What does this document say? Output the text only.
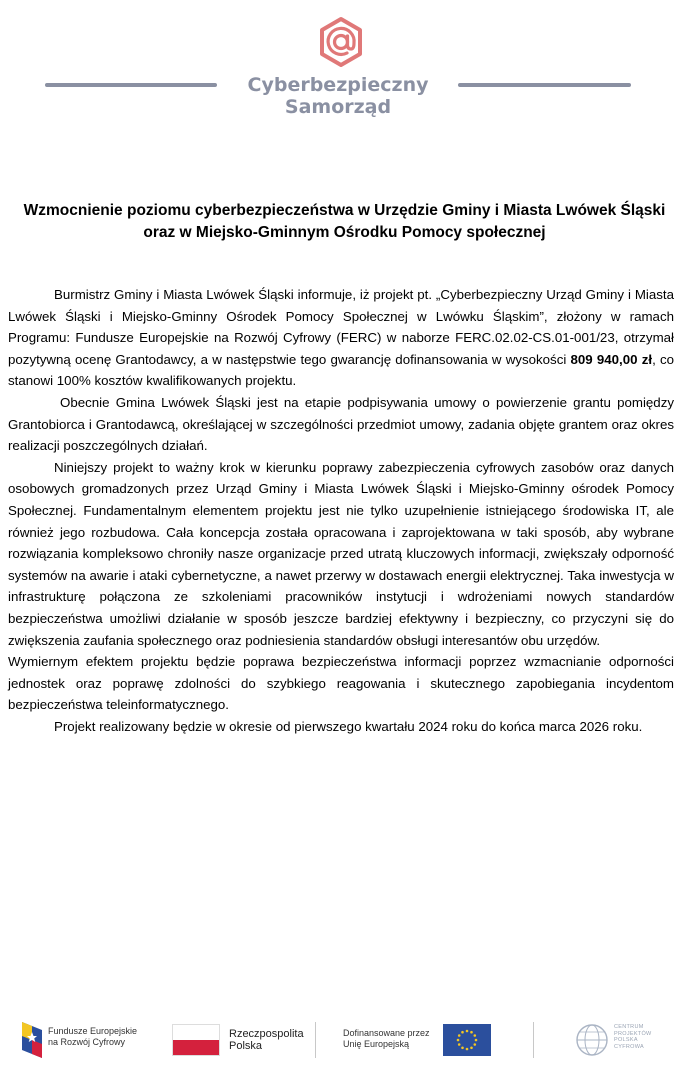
Cyberbezpieczny
Samorząd
Wzmocnienie poziomu cyberbezpieczeństwa w Urzędzie Gminy i Miasta Lwówek Śląski
oraz w Miejsko-Gminnym Ośrodku Pomocy społecznej

Burmistrz Gminy i Miasta Lwówek Śląski informuje, iż projekt pt. „Cyberbezpieczny Urząd Gminy i Miasta Lwówek Śląski i Miejsko-Gminny Ośrodek Pomocy Społecznej w Lwówku Śląskim”, złożony w ramach Programu: Fundusze Europejskie na Rozwój Cyfrowy (FERC) w naborze FERC.02.02-CS.01-001/23, otrzymał pozytywną ocenę Grantodawcy, a w następstwie tego gwarancję dofinansowania w wysokości 809 940,00 zł, co stanowi 100% kosztów kwalifikowanych projektu.

Obecnie Gmina Lwówek Śląski jest na etapie podpisywania umowy o powierzenie grantu pomiędzy Grantobiorca i Grantodawcą, określającej w szczególności przedmiot umowy, zadania objęte grantem oraz okres realizacji poszczególnych działań.

Niniejszy projekt to ważny krok w kierunku poprawy zabezpieczenia cyfrowych zasobów oraz danych osobowych gromadzonych przez Urząd Gminy i Miasta Lwówek Śląski i Miejsko-Gminny ośrodek Pomocy Społecznej. Fundamentalnym elementem projektu jest nie tylko uzupełnienie istniejącego środowiska IT, ale również jego rozbudowa. Cała koncepcja została opracowana i zaprojektowana w taki sposób, aby wybrane rozwiązania kompleksowo chroniły nasze organizacje przed utratą kluczowych informacji, zwiększały odporność systemów na awarie i ataki cybernetyczne, a nawet przerwy w dostawach energii elektrycznej. Taka inwestycja w infrastrukturę połączona ze szkoleniami pracowników instytucji i wdrożeniami nowych standardów bezpieczeństwa umożliwi działanie w sposób jeszcze bardziej efektywny i bezpieczny, co przyczyni się do zwiększenia zaufania społecznego oraz podniesienia standardów obsługi interesantów obu urzędów.

Wymiernym efektem projektu będzie poprawa bezpieczeństwa informacji poprzez wzmacnianie odporności jednostek oraz poprawę zdolności do szybkiego reagowania i skutecznego zapobiegania incydentom bezpieczeństwa teleinformatycznego.

Projekt realizowany będzie w okresie od pierwszego kwartału 2024 roku do końca marca 2026 roku.

Fundusze Europejskie
na Rozwój Cyfrowy
Rzeczpospolita
Polska
Dofinansowane przez
Unię Europejską
CENTRUM
PROJEKTÓW
POLSKA
CYFROWA
